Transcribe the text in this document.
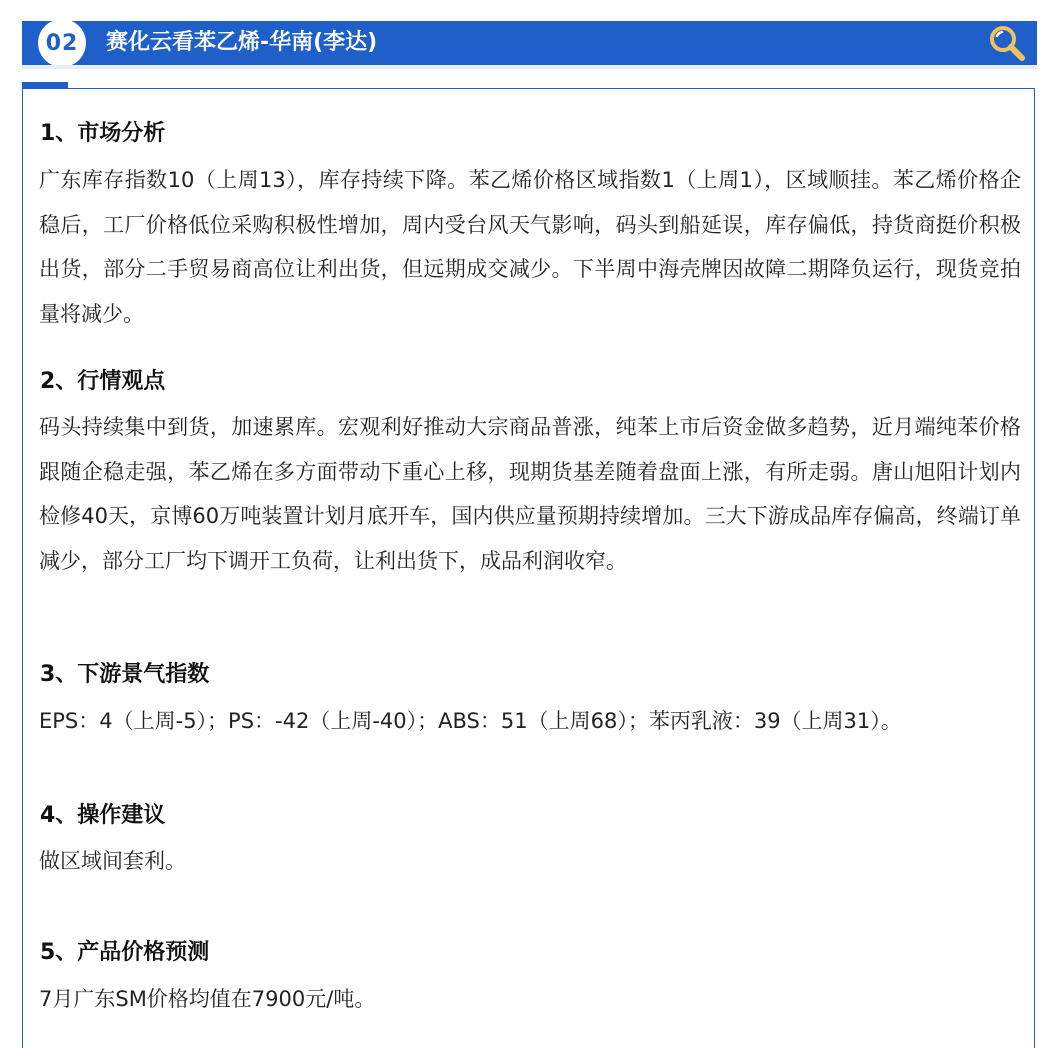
02	赛化云看苯乙烯-华南(李达)
1、市场分析

广东库存指数10（上周13），库存持续下降。苯乙烯价格区域指数1（上周1），区域顺挂。苯乙烯价格企稳后，工厂价格低位采购积极性增加，周内受台风天气影响，码头到船延误，库存偏低，持货商挺价积极出货，部分二手贸易商高位让利出货，但远期成交减少。下半周中海壳牌因故障二期降负运行，现货竞拍量将减少。

2、行情观点

码头持续集中到货，加速累库。宏观利好推动大宗商品普涨，纯苯上市后资金做多趋势，近月端纯苯价格跟随企稳走强，苯乙烯在多方面带动下重心上移，现期货基差随着盘面上涨，有所走弱。唐山旭阳计划内检修40天，京博60万吨装置计划月底开车，国内供应量预期持续增加。三大下游成品库存偏高，终端订单减少，部分工厂均下调开工负荷，让利出货下，成品利润收窄。

3、下游景气指数

EPS：4（上周-5）；PS：-42（上周-40）；ABS：51（上周68）；苯丙乳液：39（上周31）。

4、操作建议

做区域间套利。

5、产品价格预测

7月广东SM价格均值在7900元/吨。
